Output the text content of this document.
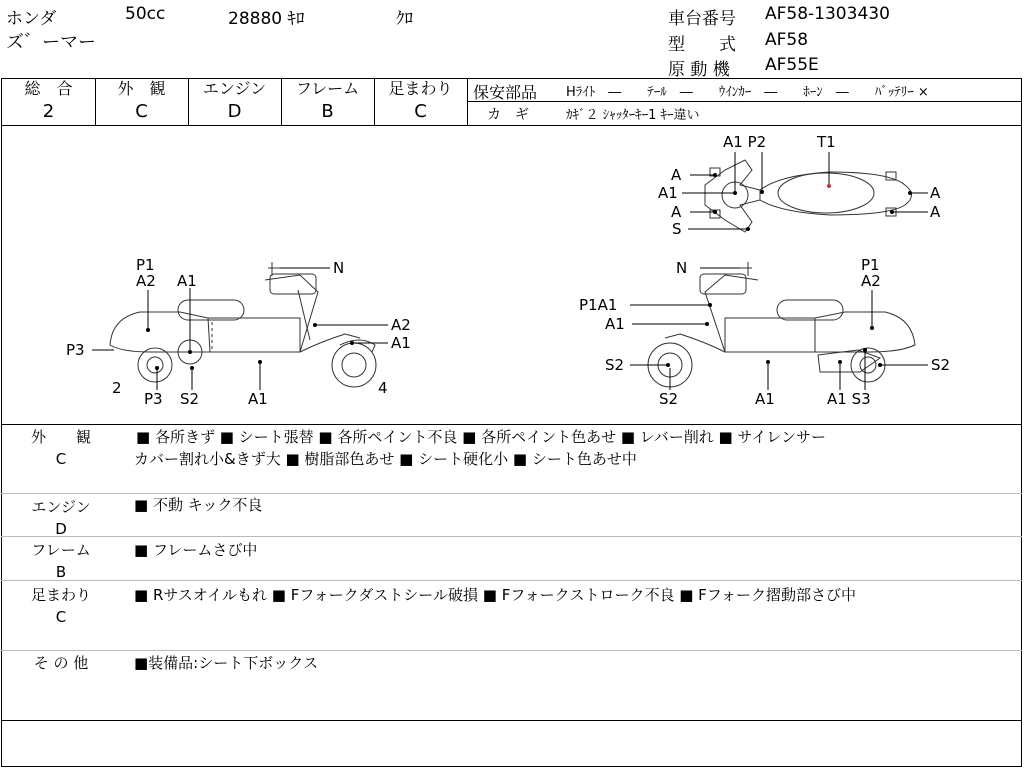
ホンダ	50cc	28880 ｷﾛ	ｸﾛ
ズ゛ーマー
車台番号 AF58-1303430
型　　式 AF58
原 動 機 AF55E
総　合
2
外　観
C
エンジン
D
フレーム
B
足まわり
C
保安部品 Hﾗｲﾄ　―　　ﾃｰﾙ　―　　ｳｲﾝｶｰ　―　　ﾎｰﾝ　―　　ﾊﾞｯﾃﾘｰ ×
カ　ギ	ｶｷﾞ２ ｼｬｯﾀｰｷｰ1 ｷｰ違い
P1
A2 A1
N
A2
A1
P3
2
P3 S2	A1
4
N	P1
A2
P1A1
A1
S2
S2	A1	A1 S3
S2
A1 P2	T1
A
A1
A
S
A
A
外　　観
C
■ 各所きず ■ シート張替 ■ 各所ペイント不良 ■ 各所ペイント色あせ ■ レバー削れ ■ サイレンサー
カバー割れ小&きず大 ■ 樹脂部色あせ ■ シート硬化小 ■ シート色あせ中
エンジン
D
■ 不動 キック不良
フレーム
B
■ フレームさび中
足まわり
C
■ Rサスオイルもれ ■ Fフォークダストシール破損 ■ Fフォークストローク不良 ■ Fフォーク摺動部さび中
そ の 他	■装備品:シート下ボックス
